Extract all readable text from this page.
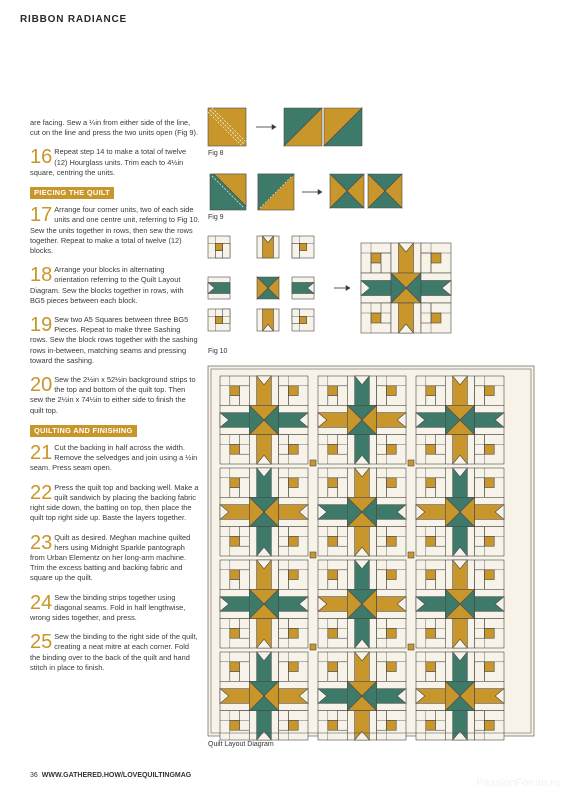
RIBBON RADIANCE

are facing. Sew a ¼in from either side of the line, cut on the line and press the two units open (Fig 9).

16 Repeat step 14 to make a total of twelve (12) Hourglass units. Trim each to 4½in square, centring the units.
PIECING THE QUILT
17 Arrange four corner units, two of each side units and one centre unit, referring to Fig 10. Sew the units together in rows, then sew the rows together. Repeat to make a total of twelve (12) blocks.
18 Arrange your blocks in alternating orientation referring to the Quilt Layout Diagram. Sew the blocks together in rows, with BG5 pieces between each block.
19 Sew two A5 Squares between three BG5 Pieces. Repeat to make three Sashing rows. Sew the block rows together with the sashing rows in-between, matching seams and pressing toward the sashing.
20 Sew the 2½in x 52½in background strips to the top and bottom of the quilt top. Then sew the 2½in x 74½in to either side to finish the quilt top.
QUILTING AND FINISHING
21 Cut the backing in half across the width. Remove the selvedges and join using a ½in seam. Press seam open.
22 Press the quilt top and backing well. Make a quilt sandwich by placing the backing fabric right side down, the batting on top, then place the quilt top right side up. Baste the layers together.
23 Quilt as desired. Meghan machine quilted hers using Midnight Sparkle pantograph from Urban Elementz on her long-arm machine. Trim the excess batting and backing fabric and square up the quilt.
24 Sew the binding strips together using diagonal seams. Fold in half lengthwise, wrong sides together, and press.
25 Sew the binding to the right side of the quilt, creating a neat mitre at each corner. Fold the binding over to the back of the quilt and hand stitch in place to finish.
Fig 8
Fig 9
Fig 10
Quilt Layout Diagram
36 WWW.GATHERED.HOW/LOVEQUILTINGMAG
PassionForum.ru
